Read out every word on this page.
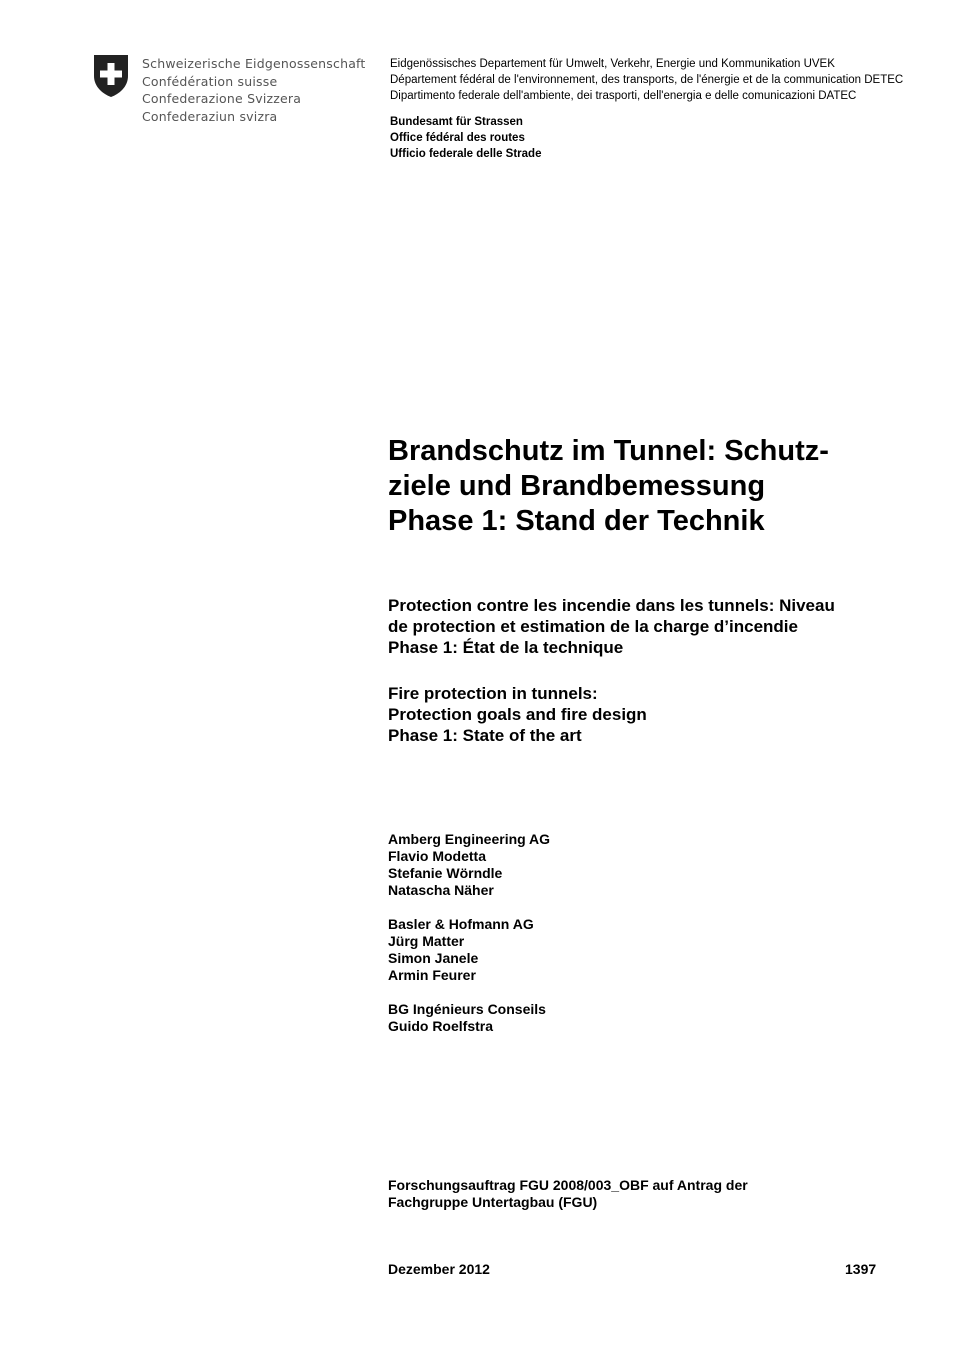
Schweizerische Eidgenossenschaft
Confédération suisse
Confederazione Svizzera
Confederaziun svizra
Eidgenössisches Departement für Umwelt, Verkehr, Energie und Kommunikation UVEK
Département fédéral de l'environnement, des transports, de l'énergie et de la communication DETEC
Dipartimento federale dell'ambiente, dei trasporti, dell'energia e delle comunicazioni DATEC
Bundesamt für Strassen
Office fédéral des routes
Ufficio federale delle Strade
Brandschutz im Tunnel: Schutz-
ziele und Brandbemessung
Phase 1: Stand der Technik
Protection contre les incendie dans les tunnels: Niveau
de protection et estimation de la charge d’incendie
Phase 1: État de la technique
Fire protection in tunnels:
Protection goals and fire design
Phase 1: State of the art
Amberg Engineering AG
Flavio Modetta
Stefanie Wörndle
Natascha Näher
Basler & Hofmann AG
Jürg Matter
Simon Janele
Armin Feurer
BG Ingénieurs Conseils
Guido Roelfstra
Forschungsauftrag FGU 2008/003_OBF auf Antrag der
Fachgruppe Untertagbau (FGU)
Dezember 2012	1397
